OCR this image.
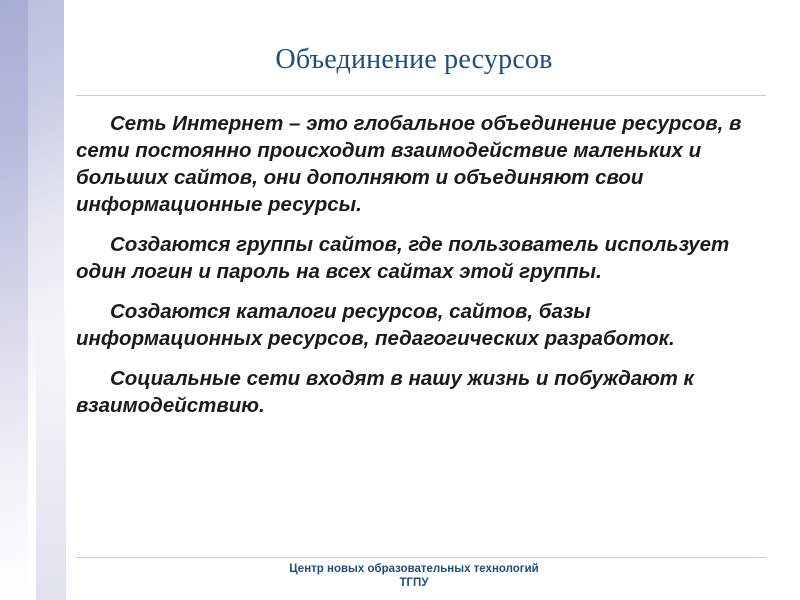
Объединение ресурсов

Сеть Интернет – это глобальное объединение ресурсов, в сети постоянно происходит взаимодействие маленьких и больших сайтов, они дополняют и объединяют свои информационные ресурсы.

Создаются группы сайтов, где пользователь использует один логин и пароль на всех сайтах этой группы.

Создаются каталоги ресурсов, сайтов, базы информационных ресурсов, педагогических разработок.

Социальные сети входят в нашу жизнь и побуждают к взаимодействию.

Центр новых образовательных технологий
ТГПУ
